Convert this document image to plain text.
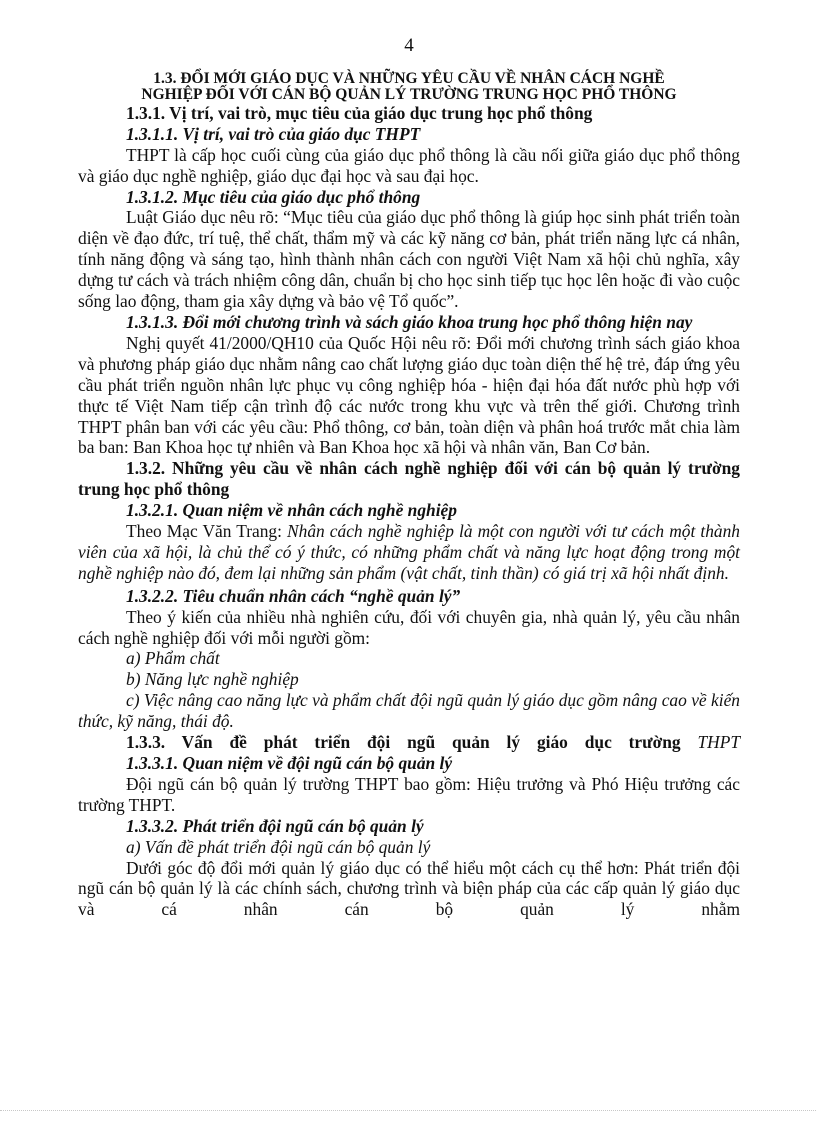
4
1.3. ĐỔI MỚI GIÁO DỤC VÀ NHỮNG YÊU CẦU VỀ NHÂN CÁCH NGHỀ
NGHIỆP ĐỐI VỚI CÁN BỘ QUẢN LÝ TRƯỜNG TRUNG HỌC PHỔ THÔNG
1.3.1. Vị trí, vai trò, mục tiêu của giáo dục trung học phổ thông
1.3.1.1. Vị trí, vai trò của giáo dục THPT
THPT là cấp học cuối cùng của giáo dục phổ thông là cầu nối giữa giáo dục phổ thông và giáo dục nghề nghiệp, giáo dục đại học và sau đại học.
1.3.1.2. Mục tiêu của giáo dục phổ thông
Luật Giáo dục nêu rõ: “Mục tiêu của giáo dục phổ thông là giúp học sinh phát triển toàn diện về đạo đức, trí tuệ, thể chất, thẩm mỹ và các kỹ năng cơ bản, phát triển năng lực cá nhân, tính năng động và sáng tạo, hình thành nhân cách con người Việt Nam xã hội chủ nghĩa, xây dựng tư cách và trách nhiệm công dân, chuẩn bị cho học sinh tiếp tục học lên hoặc đi vào cuộc sống lao động, tham gia xây dựng và bảo vệ Tổ quốc”.
1.3.1.3. Đổi mới chương trình và sách giáo khoa trung học phổ thông hiện nay
Nghị quyết 41/2000/QH10 của Quốc Hội nêu rõ: Đổi mới chương trình sách giáo khoa và phương pháp giáo dục nhằm nâng cao chất lượng giáo dục toàn diện thế hệ trẻ, đáp ứng yêu cầu phát triển nguồn nhân lực phục vụ công nghiệp hóa - hiện đại hóa đất nước phù hợp với thực tế Việt Nam tiếp cận trình độ các nước trong khu vực và trên thế giới. Chương trình THPT phân ban với các yêu cầu: Phổ thông, cơ bản, toàn diện và phân hoá trước mắt chia làm ba ban: Ban Khoa học tự nhiên và Ban Khoa học xã hội và nhân văn, Ban Cơ bản.
1.3.2. Những yêu cầu về nhân cách nghề nghiệp đối với cán bộ quản lý trường trung học phổ thông
1.3.2.1. Quan niệm về nhân cách nghề nghiệp
Theo Mạc Văn Trang: Nhân cách nghề nghiệp là một con người với tư cách một thành viên của xã hội, là chủ thể có ý thức, có những phẩm chất và năng lực hoạt động trong một nghề nghiệp nào đó, đem lại những sản phẩm (vật chất, tinh thần) có giá trị xã hội nhất định.
1.3.2.2. Tiêu chuẩn nhân cách “nghề quản lý”
Theo ý kiến của nhiều nhà nghiên cứu, đối với chuyên gia, nhà quản lý, yêu cầu nhân cách nghề nghiệp đối với mỗi người gồm:
a) Phẩm chất
b) Năng lực nghề nghiệp
c) Việc nâng cao năng lực và phẩm chất đội ngũ quản lý giáo dục gồm nâng cao về kiến thức, kỹ năng, thái độ.
1.3.3. Vấn đề phát triển đội ngũ quản lý giáo dục trường THPT
1.3.3.1. Quan niệm về đội ngũ cán bộ quản lý
Đội ngũ cán bộ quản lý trường THPT bao gồm: Hiệu trưởng và Phó Hiệu trưởng các trường THPT.
1.3.3.2. Phát triển đội ngũ cán bộ quản lý
a) Vấn đề phát triển đội ngũ cán bộ quản lý
Dưới góc độ đổi mới quản lý giáo dục có thể hiểu một cách cụ thể hơn: Phát triển đội ngũ cán bộ quản lý là các chính sách, chương trình và biện pháp của các cấp quản lý giáo dục và cá nhân cán bộ quản lý nhằm
